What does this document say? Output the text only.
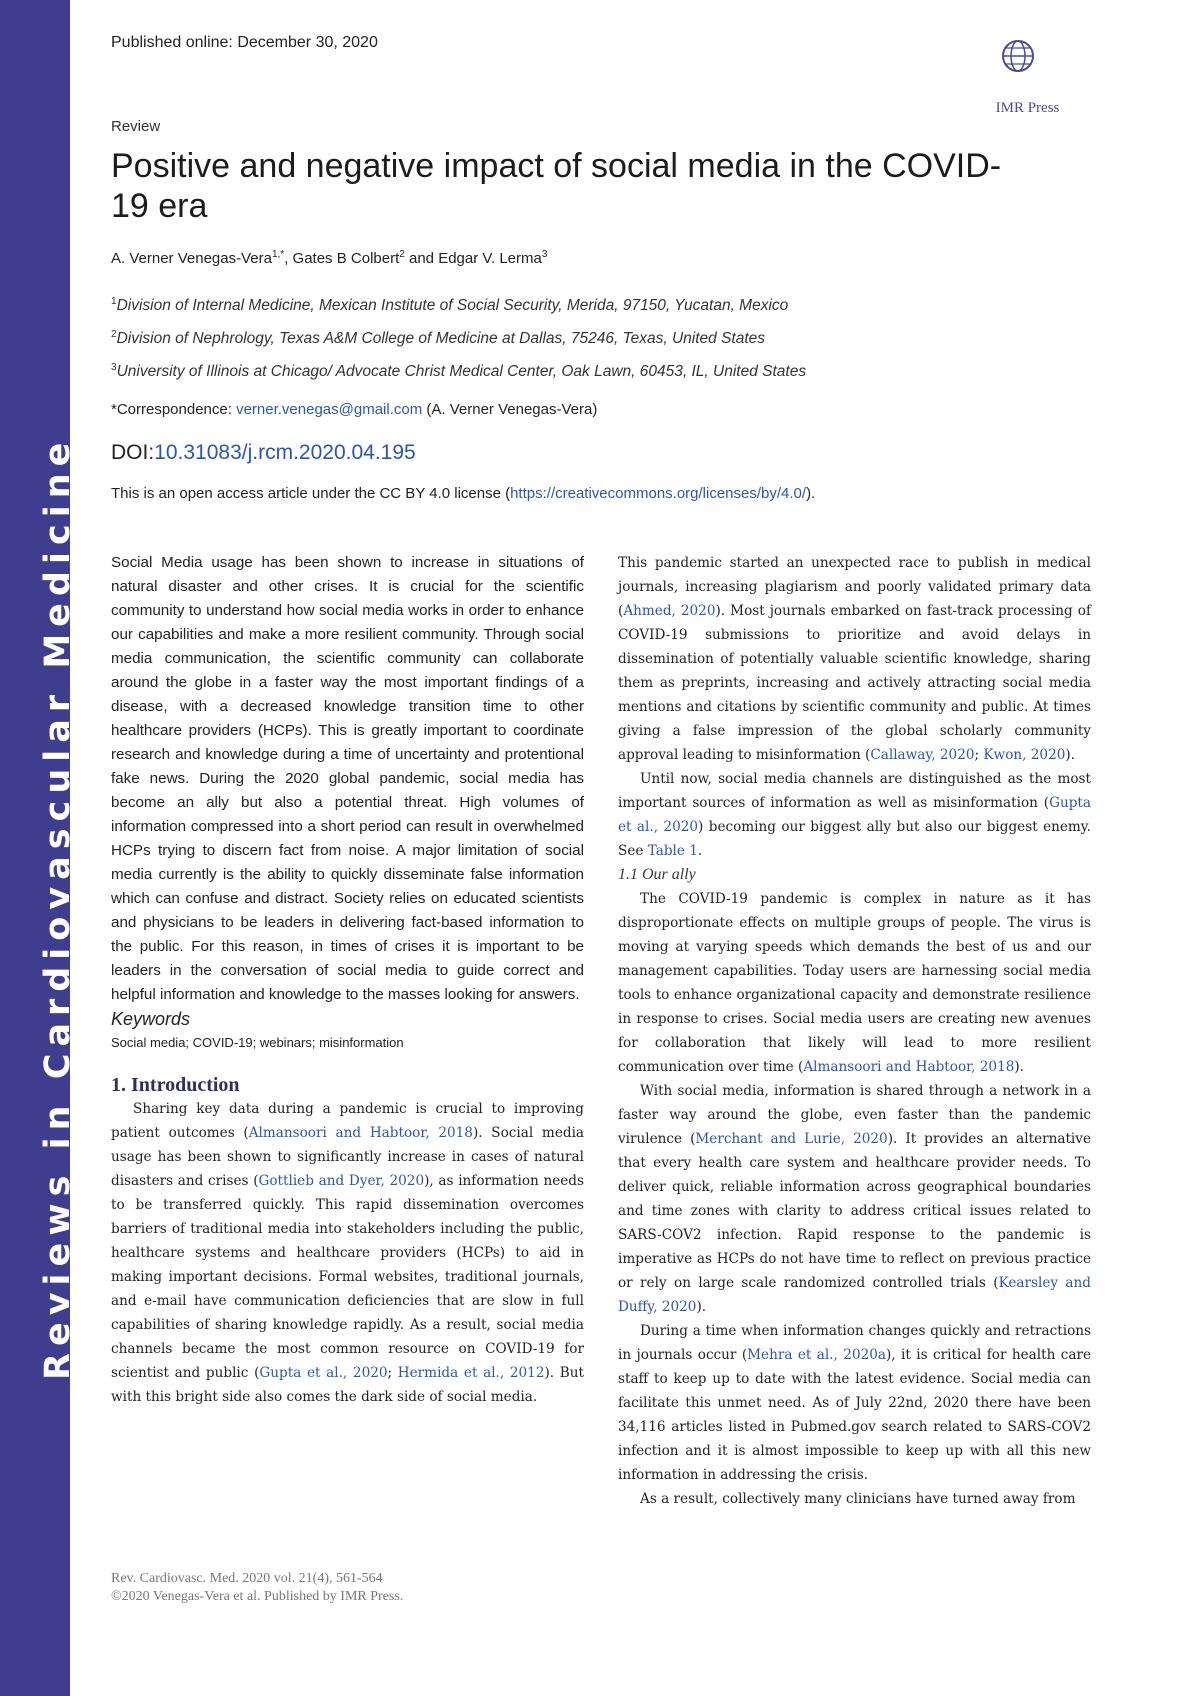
Reviews in Cardiovascular Medicine
Published online: December 30, 2020
IMR Press
Review
Positive and negative impact of social media in the COVID-19 era
A. Verner Venegas-Vera$^{1,*}$, Gates B Colbert$^2$ and Edgar V. Lerma$^3$
$^1$Division of Internal Medicine, Mexican Institute of Social Security, Merida, 97150, Yucatan, Mexico
$^2$Division of Nephrology, Texas A&M College of Medicine at Dallas, 75246, Texas, United States
$^3$University of Illinois at Chicago/ Advocate Christ Medical Center, Oak Lawn, 60453, IL, United States
*Correspondence: verner.venegas@gmail.com (A. Verner Venegas-Vera)
DOI:10.31083/j.rcm.2020.04.195
This is an open access article under the CC BY 4.0 license (https://creativecommons.org/licenses/by/4.0/).

Social Media usage has been shown to increase in situations of natural disaster and other crises. It is crucial for the scientific community to understand how social media works in order to enhance our capabilities and make a more resilient community. Through social media communication, the scientific community can collaborate around the globe in a faster way the most important findings of a disease, with a decreased knowledge transition time to other healthcare providers (HCPs). This is greatly important to coordinate research and knowledge during a time of uncertainty and protentional fake news. During the 2020 global pandemic, social media has become an ally but also a potential threat. High volumes of information compressed into a short period can result in overwhelmed HCPs trying to discern fact from noise. A major limitation of social media currently is the ability to quickly disseminate false information which can confuse and distract. Society relies on educated scientists and physicians to be leaders in delivering fact-based information to the public. For this reason, in times of crises it is important to be leaders in the conversation of social media to guide correct and helpful information and knowledge to the masses looking for answers.

Keywords

Social media; COVID-19; webinars; misinformation

1. Introduction

Sharing key data during a pandemic is crucial to improving patient outcomes (Almansoori and Habtoor, 2018). Social media usage has been shown to significantly increase in cases of natural disasters and crises (Gottlieb and Dyer, 2020), as information needs to be transferred quickly. This rapid dissemination overcomes barriers of traditional media into stakeholders including the public, healthcare systems and healthcare providers (HCPs) to aid in making important decisions. Formal websites, traditional journals, and e-mail have communication deficiencies that are slow in full capabilities of sharing knowledge rapidly. As a result, social media channels became the most common resource on COVID-19 for scientist and public (Gupta et al., 2020; Hermida et al., 2012). But with this bright side also comes the dark side of social media.

This pandemic started an unexpected race to publish in medical journals, increasing plagiarism and poorly validated primary data (Ahmed, 2020). Most journals embarked on fast-track processing of COVID-19 submissions to prioritize and avoid delays in dissemination of potentially valuable scientific knowledge, sharing them as preprints, increasing and actively attracting social media mentions and citations by scientific community and public. At times giving a false impression of the global scholarly community approval leading to misinformation (Callaway, 2020; Kwon, 2020).

Until now, social media channels are distinguished as the most important sources of information as well as misinformation (Gupta et al., 2020) becoming our biggest ally but also our biggest enemy. See Table 1.

1.1 Our ally

The COVID-19 pandemic is complex in nature as it has disproportionate effects on multiple groups of people. The virus is moving at varying speeds which demands the best of us and our management capabilities. Today users are harnessing social media tools to enhance organizational capacity and demonstrate resilience in response to crises. Social media users are creating new avenues for collaboration that likely will lead to more resilient communication over time (Almansoori and Habtoor, 2018).

With social media, information is shared through a network in a faster way around the globe, even faster than the pandemic virulence (Merchant and Lurie, 2020). It provides an alternative that every health care system and healthcare provider needs. To deliver quick, reliable information across geographical boundaries and time zones with clarity to address critical issues related to SARS-COV2 infection. Rapid response to the pandemic is imperative as HCPs do not have time to reflect on previous practice or rely on large scale randomized controlled trials (Kearsley and Duffy, 2020).

During a time when information changes quickly and retractions in journals occur (Mehra et al., 2020a), it is critical for health care staff to keep up to date with the latest evidence. Social media can facilitate this unmet need. As of July 22nd, 2020 there have been 34,116 articles listed in Pubmed.gov search related to SARS-COV2 infection and it is almost impossible to keep up with all this new information in addressing the crisis.

As a result, collectively many clinicians have turned away from

Rev. Cardiovasc. Med. 2020 vol. 21(4), 561-564
©2020 Venegas-Vera et al. Published by IMR Press.
